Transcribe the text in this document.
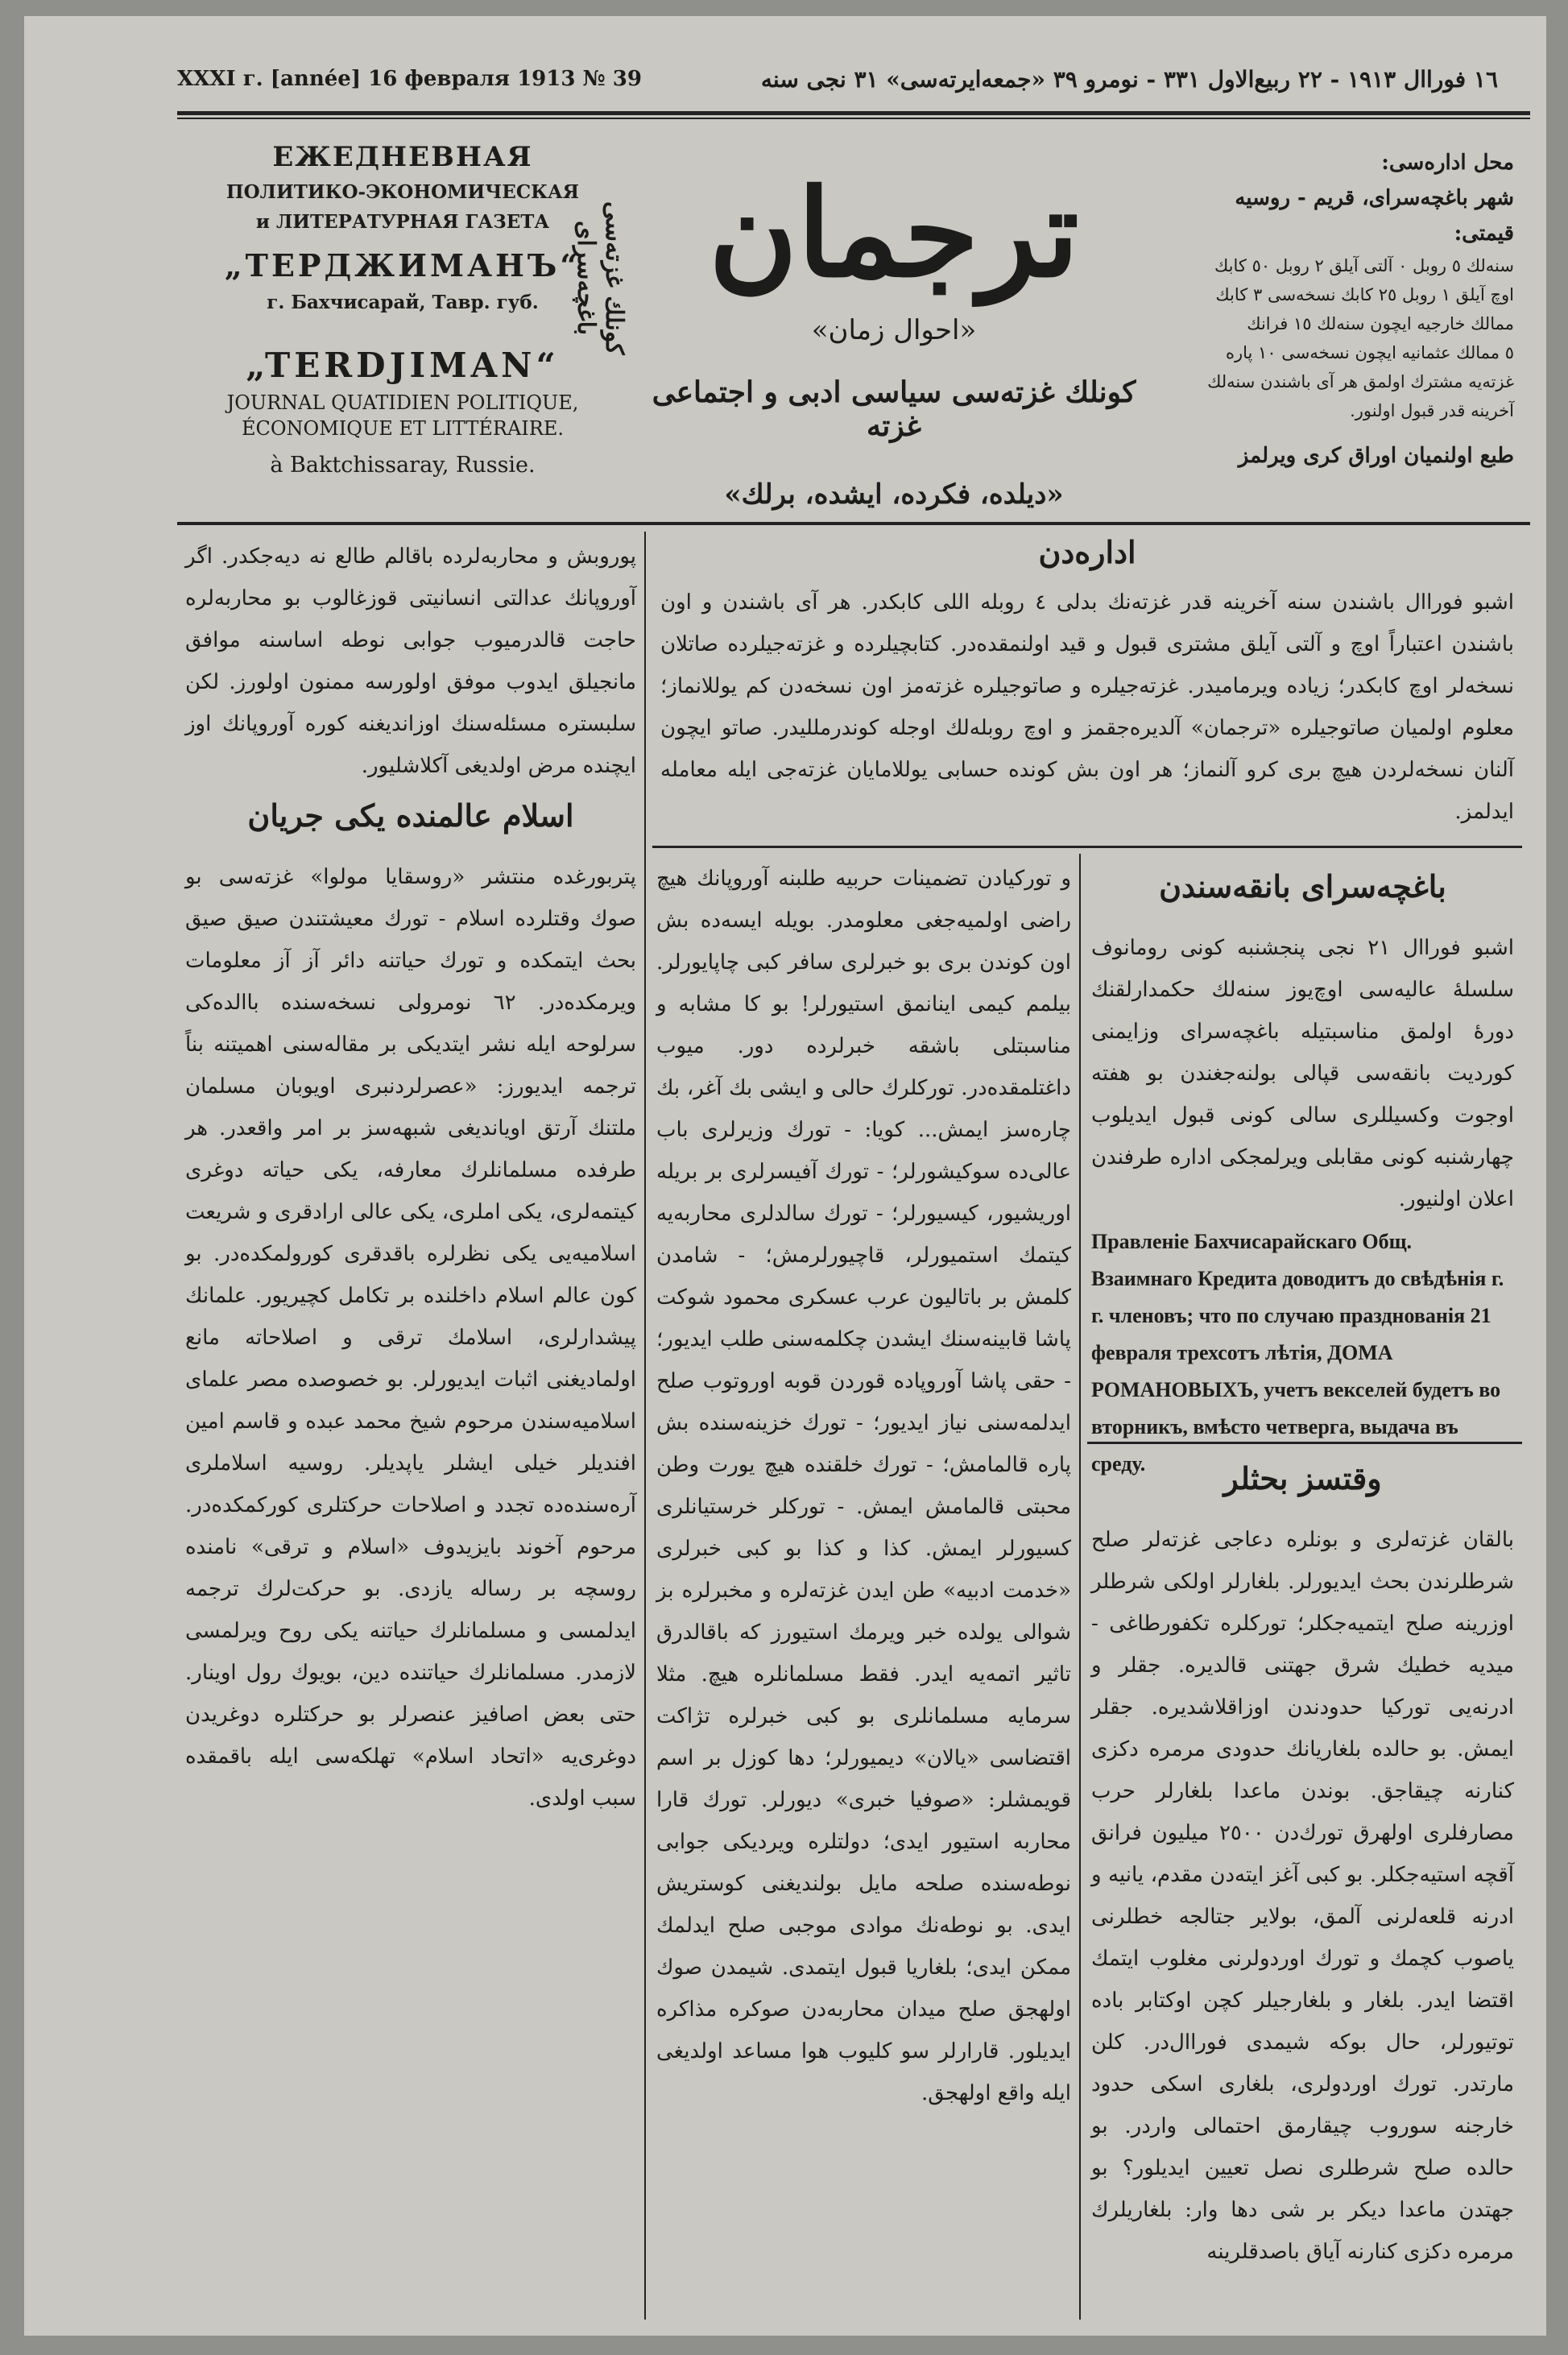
XXXI г. [année] 16 февраля 1913 № 39	١٦ فوراال ١٩١٣ - ٢٢ ربيع‌الاول ٣٣١ - نومرو ٣٩ «جمعه‌ايرته‌سی» ٣١ نجی سنه
ЕЖЕДНЕВНАЯ
ПОЛИТИКО-ЭКОНОМИЧЕСКАЯ
и ЛИТЕРАТУРНАЯ ГАЗЕТА
„ТЕРДЖИМАНЪ“
г. Бахчисарай, Тавр. губ.
„TERDJIMAN“
JOURNAL QUATIDIEN POLITIQUE, ÉCONOMIQUE ET LITTÉRAIRE.
à Baktchissaray, Russie.
كونلك غزته‌سی باغچه‌سرای ترجمان
«احوال زمان»
كونلك غزته‌سی سیاسی ادبی و اجتماعی غزته
«دیلده، فكرده، ایشده، برلك»
محل اداره‌سی:
شهر باغچه‌سرای، قریم - روسیه
قیمتی:
سنه‌لك ٥ روبل ٠ آلتی آیلق ٢ روبل ٥٠ كابك
اوچ آیلق ١ روبل ٢٥ كابك نسخه‌سی ٣ كابك
ممالك خارجیه ایچون سنه‌لك ١٥ فرانك
٥ ممالك عثمانیه ایچون نسخه‌سی ١٠ پاره
غزته‌یه مشترك اولمق هر آی باشندن سنه‌لك آخرینه قدر قبول اولنور.
طبع اولنمیان اوراق كری ویرلمز
اداره‌دن

اشبو فوراال باشندن سنه آخرینه قدر غزته‌نك بدلی ٤ روبله اللی كابكدر. هر آی باشندن و اون باشندن اعتباراً اوچ و آلتی آیلق مشتری قبول و قید اولنمقده‌در. كتابچیلرده و غزته‌جیلرده صاتلان نسخه‌لر اوچ كابكدر؛ زیاده ویرمامیدر. غزته‌جیلره و صاتوجیلره غزته‌مز اون نسخه‌دن كم یوللانماز؛ معلوم اولمیان صاتوجیلره «ترجمان» آلدیره‌جقمز و اوچ روبله‌لك اوجله كوندرمللیدر. صاتو ایچون آلنان نسخه‌لردن هیچ بری كرو آلنماز؛ هر اون بش كونده حسابی یوللامایان غزته‌جی ایله معامله ایدلمز.

پوروبش و محاربه‌لرده باقالم طالع نه دیه‌جكدر. اگر آوروپانك عدالتی انسانیتی قوزغالوب بو محاربه‌لره حاجت قالدرمیوب جوابی نوطه اساسنه موافق مانجیلق ایدوب موفق اولورسه ممنون اولورز. لكن سلبستره مسئله‌سنك اوزاندیغنه كوره آوروپانك اوز ایچنده مرض اولدیغی آكلاشلیور.

اسلام عالمنده یكی جریان

پتربورغده منتشر «روسقایا مولوا» غزته‌سی بو صوك وقتلرده اسلام - تورك معیشتندن صیق صیق بحث ایتمكده و تورك حیاتنه دائر آز آز معلومات ویرمكده‌در. ٦٢ نومرولی نسخه‌سنده باالده‌كی سرلوحه ایله نشر ایتدیكی بر مقاله‌سنی اهمیتنه بناً ترجمه ایدیورز: «عصرلردنبری اویوبان مسلمان ملتنك آرتق اویاندیغی شبهه‌سز بر امر واقعدر. هر طرفده مسلمانلرك معارفه، یكی حیاته دوغری كیتمه‌لری، یكی املری، یكی عالی ارادقری و شریعت اسلامیه‌یی یكی نظرلره باقدقری كورولمكده‌در. بو كون عالم اسلام داخلنده بر تكامل كچیریور. علمانك پیشدارلری، اسلامك ترقی و اصلاحاته مانع اولمادیغنی اثبات ایدیورلر. بو خصوصده مصر علمای اسلامیه‌سندن مرحوم شیخ محمد عبده و قاسم امین افندیلر خیلی ایشلر یاپدیلر. روسیه اسلاملری آره‌سنده‌ده تجدد و اصلاحات حركتلری كوركمكده‌در. مرحوم آخوند بایزیدوف «اسلام و ترقی» نامنده روسچه بر رساله یازدی. بو حركت‌لرك ترجمه ایدلمسی و مسلمانلرك حیاتنه یكی روح ویرلمسی لازمدر. مسلمانلرك حیاتنده دین، بویوك رول اوینار. حتی بعض اصافیز عنصرلر بو حركتلره دوغریدن دوغری‌یه «اتحاد اسلام» تهلكه‌سی ایله باقمقده سبب اولدی.

و توركیادن تضمینات حربیه طلبنه آوروپانك هیچ راضی اولمیه‌جغی معلومدر. بویله ایسه‌ده بش اون كوندن بری بو خبرلری سافر كبی چاپایورلر. بیلمم كیمی اینانمق استیورلر! بو كا مشابه و مناسبتلی باشقه خبرلرده دور. میوب داغتلمقده‌در. توركلرك حالی و ایشی بك آغر، بك چاره‌سز ایمش... كویا: - تورك وزیرلری باب عالی‌ده سوكیشورلر؛ - تورك آفیسرلری بر بریله اوریشیور، كیسیورلر؛ - تورك سالدلری محاربه‌یه كیتمك استمیورلر، قاچیورلرمش؛ - شامدن كلمش بر باتالیون عرب عسكری محمود شوكت پاشا قابینه‌سنك ایشدن چكلمه‌سنی طلب ایدیور؛ - حقی پاشا آوروپاده قوردن قوبه اوروتوب صلح ایدلمه‌سنی نیاز ایدیور؛ - تورك خزینه‌سنده بش پاره قالمامش؛ - تورك خلقنده هیچ یورت وطن محبتی قالمامش ایمش. - توركلر خرستیانلری كسیورلر ایمش. كذا و كذا بو كبی خبرلری «خدمت ادبیه» طن ایدن غزته‌لره و مخبرلره بز شوالی یولده خبر ویرمك استیورز كه باقالدرق تاثیر اتمه‌یه ایدر. فقط مسلمانلره هیچ. مثلا سرمایه مسلمانلری بو كبی خبرلره تژاكت اقتضاسی «یالان» دیمیورلر؛ دها كوزل بر اسم قویمشلر: «صوفیا خبری» دیورلر. تورك قارا محاربه استیور ایدی؛ دولتلره ویردیكی جوابی نوطه‌سنده صلحه مایل بولندیغنی كوستریش ایدی. بو نوطه‌نك موادی موجبی صلح ایدلمك ممكن ایدی؛ بلغاریا قبول ایتمدی. شیمدن صوك اولهجق صلح میدان محاربه‌دن صوكره مذاكره ایدیلور. قارارلر سو كلیوب هوا مساعد اولدیغی ایله واقع اولهجق.

باغچه‌سرای بانقه‌سندن

اشبو فوراال ٢١ نجی پنجشنبه كونی رومانوف سلسله‌ٔ عالیه‌سی اوچ‌یوز سنه‌لك حكمدارلقنك دوره‌ٔ اولمق مناسبتیله باغچه‌سرای وزایمنی كوردیت بانقه‌سی قپالی بولنه‌جغندن بو هفته اوجوت وكسیللری سالی كونی قبول ایدیلوب چهارشنبه كونی مقابلی ویرلمجكی اداره طرفندن اعلان اولنیور.

Правленіе Бахчисарайскаго Общ. Взаимнаго Кредита доводитъ до свѣдѣнія г. г. членовъ; что по случаю празднованія 21 февраля трехсотъ лѣтія, ДОМА РОМАНОВЫХЪ, учетъ векселей будетъ во вторникъ, вмѣсто четверга, выдача въ среду.	وقتسز بحثلر

بالقان غزته‌لری و بونلره دعاجی غزته‌لر صلح شرطلرندن بحث ایدیورلر. بلغارلر اولكی شرطلر اوزرینه صلح ایتمیه‌جكلر؛ توركلره تكفورطاغی - میدیه خطیك شرق جهتنی قالدیره. جقلر و ادرنه‌یی توركیا حدودندن اوزاقلاشدیره. جقلر ایمش. بو حالده بلغاریانك حدودی مرمره دكزی كنارنه چیقاجق. بوندن ماعدا بلغارلر حرب مصارفلری اولهرق تورك‌دن ٢٥٠٠ میلیون فرانق آقچه استیه‌جكلر. بو كبی آغز ایته‌دن مقدم، یانیه و ادرنه قلعه‌لرنی آلمق، بولایر جتالجه خطلرنی یاصوب كچمك و تورك اوردولرنی مغلوب ایتمك اقتضا ایدر. بلغار و بلغارجیلر كچن اوكتابر باده توتیورلر، حال بوكه شیمدی فوراال‌در. كلن مارتدر. تورك اوردولری، بلغاری اسكی حدود خارجنه سوروب چیقارمق احتمالی واردر. بو حالده صلح شرطلری نصل تعیین ایدیلور؟ بو جهتدن ماعدا دیكر بر شی دها وار: بلغاریلرك مرمره دكزی كنارنه آیاق باصدقلرینه
